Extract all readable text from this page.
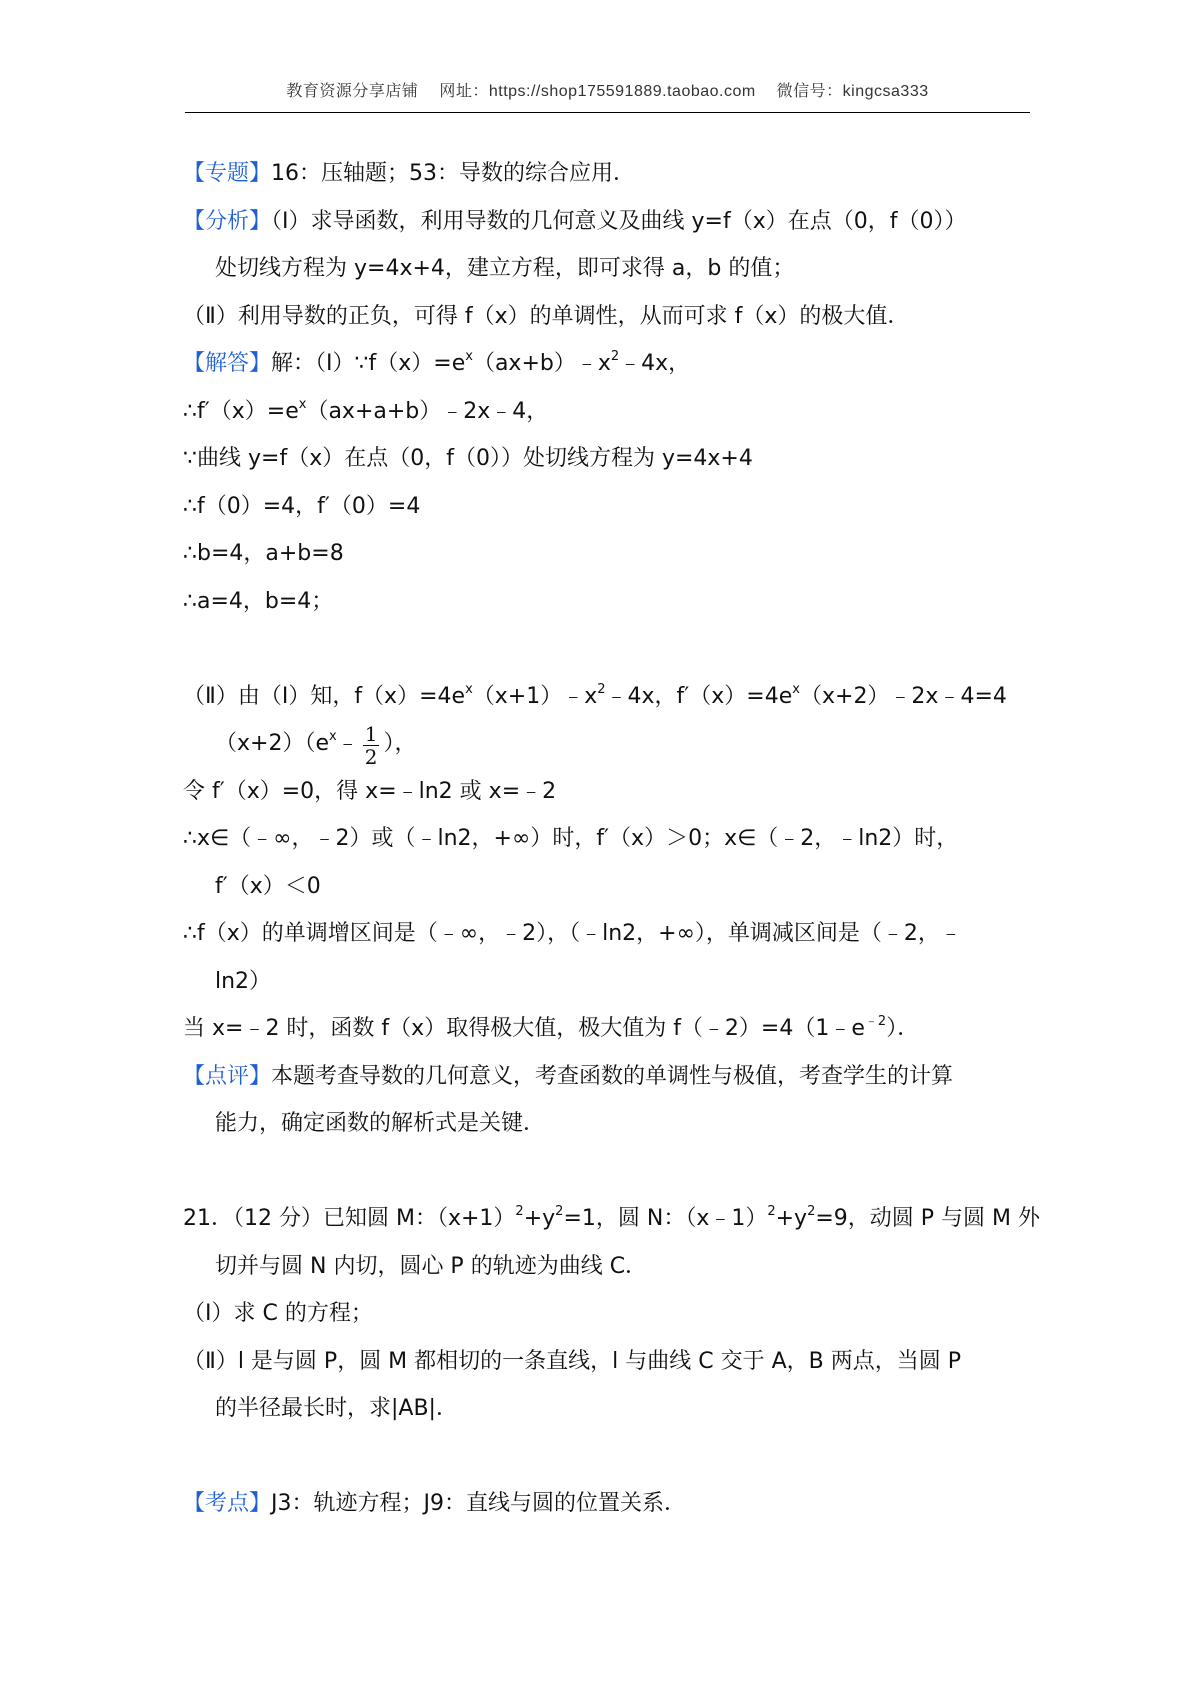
教育资源分享店铺 网址：https://shop175591889.taobao.com 微信号：kingcsa333
【专题】16：压轴题；53：导数的综合应用．
【分析】（Ⅰ）求导函数，利用导数的几何意义及曲线 y=f（x）在点（0，f（0））
处切线方程为 y=4x+4，建立方程，即可求得 a，b 的值；
（Ⅱ）利用导数的正负，可得 f（x）的单调性，从而可求 f（x）的极大值．
【解答】解：$(Ⅰ)\because f(x)=e^x(ax+b)﹣x^2﹣4x$，
$\therefore f'(x)=e^x(ax+a+b)﹣2x﹣4$，
∵曲线 y=f（x）在点（0，f（0））处切线方程为 y=4x+4
∴f（0）=4，f′（0）=4
∴b=4，a+b=8
∴a=4，b=4；
（Ⅱ）由（Ⅰ）知，$f(x)=4e^x(x+1)﹣x^2﹣4x$，$f'(x)=4e^x(x+2)﹣2x﹣4=4$
$(x+2)(e^x﹣ \frac{1}{2}$ ），
令 f′（x）=0，得 x=﹣ln2 或 x=﹣2
∴x∈（﹣∞，﹣2）或（﹣ln2，+∞）时，f′（x）＞0；x∈（﹣2，﹣ln2）时，
f′（x）＜0
∴f（x）的单调增区间是（﹣∞，﹣2），（﹣ln2，+∞），单调减区间是（﹣2，﹣
ln2）
当 x=﹣2 时，函数 f（x）取得极大值，极大值为 $f(﹣2)=4(1﹣e^{﹣2})$．
【点评】本题考查导数的几何意义，考查函数的单调性与极值，考查学生的计算
能力，确定函数的解析式是关键．
21．（12 分）已知圆 M：$(x+1)^2+y^2=1$，圆 N：$(x﹣1)^2+y^2=9$，动圆 P 与圆 M 外
切并与圆 N 内切，圆心 P 的轨迹为曲线 C．
（Ⅰ）求 C 的方程；
（Ⅱ）l 是与圆 P，圆 M 都相切的一条直线，l 与曲线 C 交于 A，B 两点，当圆 P
的半径最长时，求|AB|．
【考点】J3：轨迹方程；J9：直线与圆的位置关系．
